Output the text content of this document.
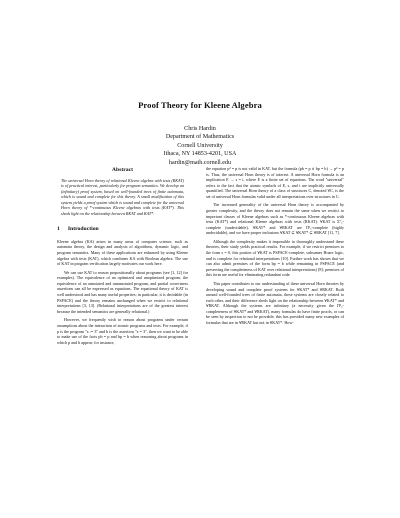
Proof Theory for Kleene Algebra
Chris Hardin
Department of Mathematics
Cornell University
Ithaca, NY 14853-4201, USA
hardin@math.cornell.edu
Abstract

The universal Horn theory of relational Kleene algebra with tests (RKAT) is of practical interest, particularly for program semantics. We develop an (infinitary) proof system, based on well-founded trees of finite automata, which is sound and complete for this theory. A small modification of this system yields a proof system which is sound and complete for the universal Horn theory of *-continuous Kleene algebras with tests (KAT*). This sheds light on the relationship between RKAT and KAT*.

1 Introduction

Kleene algebra (KA) arises in many areas of computer science, such as automata theory, the design and analysis of algorithms, dynamic logic, and program semantics. Many of these applications are enhanced by using Kleene algebra with tests (KAT), which combines KA with Boolean algebra. The use of KAT in program verification largely motivates our work here.

We can use KAT to reason propositionally about programs (see [1, 12] for examples). The equivalence of an optimized and unoptimized program, the equivalence of an annotated and unannotated program, and partial correctness assertions can all be expressed as equations. The equational theory of KAT is well understood and has many useful properties; in particular, it is decidable (in PSPACE) and the theory remains unchanged when we restrict to relational interpretations [3, 13]. (Relational interpretations are of the greatest interest because the intended semantics are generally relational.)

However, we frequently wish to reason about programs under certain assumptions about the interaction of atomic programs and tests. For example, if p is the program "x := 3" and b is the assertion "x = 3", then we want to be able to make use of the facts pb = p and bp = b when reasoning about programs in which p and b appear; for instance,

the equation p² = p is not valid in KAT, but the formula (pb = p ∧ bp = b) → p² = p is. Thus, the universal Horn theory is of interest. A universal Horn formula is an implication E → s = t, where E is a finite set of equations. The word "universal" refers to the fact that the atomic symbols of E, s, and t are implicitly universally quantified. The universal Horn theory of a class of structures C, denoted ∀C, is the set of universal Horn formulas valid under all interpretations over structures in C.

The increased generality of the universal Horn theory is accompanied by greater complexity, and the theory does not remain the same when we restrict to important classes of Kleene algebras such as *-continuous Kleene algebras with tests (KAT*) and relational Kleene algebras with tests (RKAT). ∀KAT is Σ⁰₁-complete (undecidable), ∀KAT* and ∀RKAT are Π¹₁-complete (highly undecidable), and we have proper inclusions ∀KAT ⊊ ∀KAT* ⊊ ∀RKAT [11, 7].

Although the complexity makes it impossible to thoroughly understand these theories, their study yields practical results. For example, if we restrict premises to the form s = 0, this portion of ∀KAT is PSPACE-complete, subsumes Hoare logic, and is complete for relational interpretations [10]. Further work has shown that we can also admit premises of the form bp = b while remaining in PSPACE (and preserving the completeness of KAT over relational interpretations) [8]; premises of this form are useful for eliminating redundant code.

This paper contributes to our understanding of these universal Horn theories by developing sound and complete proof systems for ∀KAT* and ∀RKAT. Built around well-founded trees of finite automata, these systems are closely related to each other, and their difference sheds light on the relationship between ∀KAT* and ∀RKAT. Although the systems are infinitary (a necessity given the Π¹₁-completeness of ∀KAT* and ∀RKAT), many formulas do have finite proofs, or can be seen by inspection to not be provable; this has provided many new examples of formulas that are in ∀RKAT but not in ∀KAT*. How-
